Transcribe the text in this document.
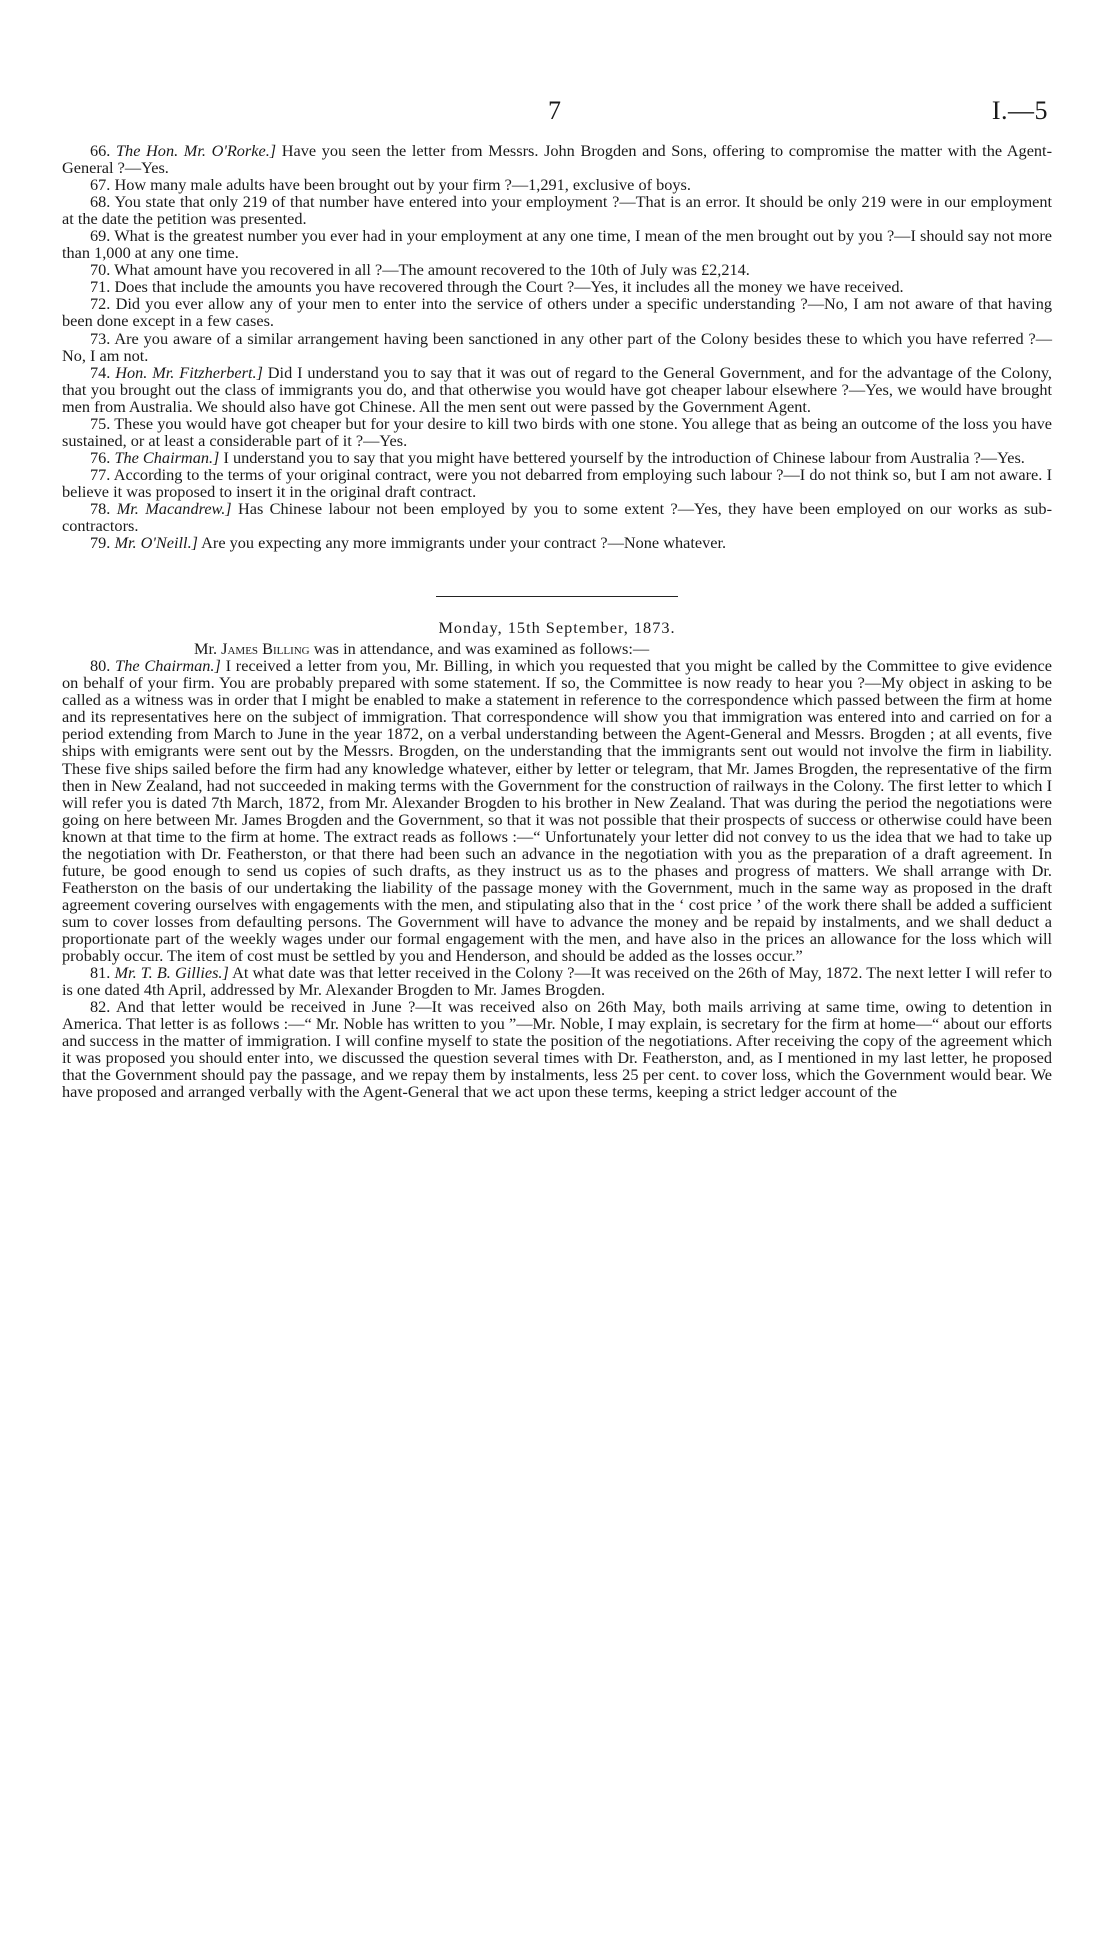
7	I.—5

66. The Hon. Mr. O'Rorke.] Have you seen the letter from Messrs. John Brogden and Sons, offering to compromise the matter with the Agent-General ?—Yes.

67. How many male adults have been brought out by your firm ?—1,291, exclusive of boys.

68. You state that only 219 of that number have entered into your employment ?—That is an error. It should be only 219 were in our employment at the date the petition was presented.

69. What is the greatest number you ever had in your employment at any one time, I mean of the men brought out by you ?—I should say not more than 1,000 at any one time.

70. What amount have you recovered in all ?—The amount recovered to the 10th of July was £2,214.

71. Does that include the amounts you have recovered through the Court ?—Yes, it includes all the money we have received.

72. Did you ever allow any of your men to enter into the service of others under a specific understanding ?—No, I am not aware of that having been done except in a few cases.

73. Are you aware of a similar arrangement having been sanctioned in any other part of the Colony besides these to which you have referred ?—No, I am not.

74. Hon. Mr. Fitzherbert.] Did I understand you to say that it was out of regard to the General Government, and for the advantage of the Colony, that you brought out the class of immigrants you do, and that otherwise you would have got cheaper labour elsewhere ?—Yes, we would have brought men from Australia. We should also have got Chinese. All the men sent out were passed by the Government Agent.

75. These you would have got cheaper but for your desire to kill two birds with one stone. You allege that as being an outcome of the loss you have sustained, or at least a considerable part of it ?—Yes.

76. The Chairman.] I understand you to say that you might have bettered yourself by the introduction of Chinese labour from Australia ?—Yes.

77. According to the terms of your original contract, were you not debarred from employing such labour ?—I do not think so, but I am not aware. I believe it was proposed to insert it in the original draft contract.

78. Mr. Macandrew.] Has Chinese labour not been employed by you to some extent ?—Yes, they have been employed on our works as sub-contractors.

79. Mr. O'Neill.] Are you expecting any more immigrants under your contract ?—None whatever.

Monday, 15th September, 1873.

Mr. James Billing was in attendance, and was examined as follows:—

80. The Chairman.] I received a letter from you, Mr. Billing, in which you requested that you might be called by the Committee to give evidence on behalf of your firm. You are probably prepared with some statement. If so, the Committee is now ready to hear you ?—My object in asking to be called as a witness was in order that I might be enabled to make a statement in reference to the correspondence which passed between the firm at home and its representatives here on the subject of immigration. That correspondence will show you that immigration was entered into and carried on for a period extending from March to June in the year 1872, on a verbal understanding between the Agent-General and Messrs. Brogden ; at all events, five ships with emigrants were sent out by the Messrs. Brogden, on the understanding that the immigrants sent out would not involve the firm in liability. These five ships sailed before the firm had any knowledge whatever, either by letter or telegram, that Mr. James Brogden, the representative of the firm then in New Zealand, had not succeeded in making terms with the Government for the construction of railways in the Colony. The first letter to which I will refer you is dated 7th March, 1872, from Mr. Alexander Brogden to his brother in New Zealand. That was during the period the negotiations were going on here between Mr. James Brogden and the Government, so that it was not possible that their prospects of success or otherwise could have been known at that time to the firm at home. The extract reads as follows :—“ Unfortunately your letter did not convey to us the idea that we had to take up the negotiation with Dr. Featherston, or that there had been such an advance in the negotiation with you as the preparation of a draft agreement. In future, be good enough to send us copies of such drafts, as they instruct us as to the phases and progress of matters. We shall arrange with Dr. Featherston on the basis of our undertaking the liability of the passage money with the Government, much in the same way as proposed in the draft agreement covering ourselves with engagements with the men, and stipulating also that in the ‘ cost price ’ of the work there shall be added a sufficient sum to cover losses from defaulting persons. The Government will have to advance the money and be repaid by instalments, and we shall deduct a proportionate part of the weekly wages under our formal engagement with the men, and have also in the prices an allowance for the loss which will probably occur. The item of cost must be settled by you and Henderson, and should be added as the losses occur.”

81. Mr. T. B. Gillies.] At what date was that letter received in the Colony ?—It was received on the 26th of May, 1872. The next letter I will refer to is one dated 4th April, addressed by Mr. Alexander Brogden to Mr. James Brogden.

82. And that letter would be received in June ?—It was received also on 26th May, both mails arriving at same time, owing to detention in America. That letter is as follows :—“ Mr. Noble has written to you ”—Mr. Noble, I may explain, is secretary for the firm at home—“ about our efforts and success in the matter of immigration. I will confine myself to state the position of the negotiations. After receiving the copy of the agreement which it was proposed you should enter into, we discussed the question several times with Dr. Featherston, and, as I mentioned in my last letter, he proposed that the Government should pay the passage, and we repay them by instalments, less 25 per cent. to cover loss, which the Government would bear. We have proposed and arranged verbally with the Agent-General that we act upon these terms, keeping a strict ledger account of the
